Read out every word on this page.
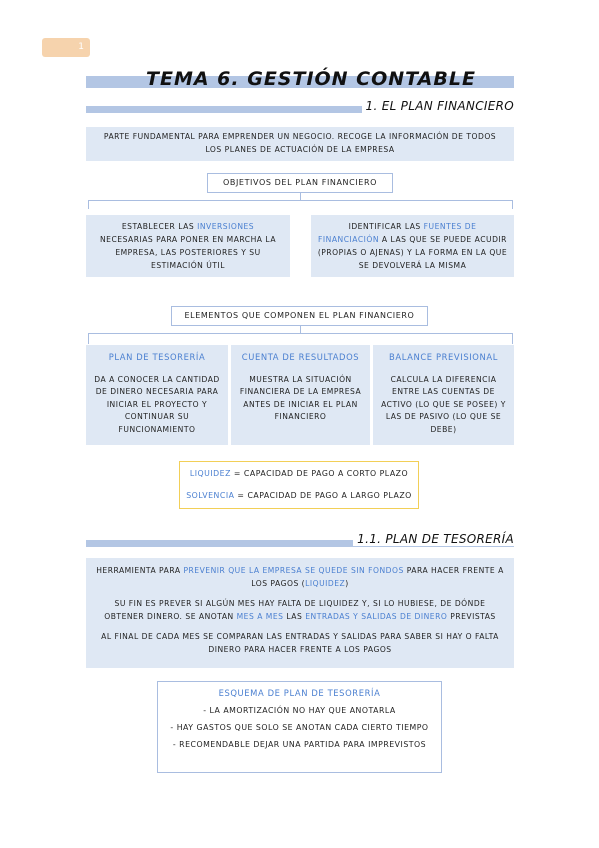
1
TEMA 6. GESTIÓN CONTABLE
1. EL PLAN FINANCIERO
PARTE FUNDAMENTAL PARA EMPRENDER UN NEGOCIO. RECOGE LA INFORMACIÓN DE TODOS LOS PLANES DE ACTUACIÓN DE LA EMPRESA
OBJETIVOS DEL PLAN FINANCIERO
ESTABLECER LAS INVERSIONES NECESARIAS PARA PONER EN MARCHA LA EMPRESA, LAS POSTERIORES Y SU ESTIMACIÓN ÚTIL
IDENTIFICAR LAS FUENTES DE FINANCIACIÓN A LAS QUE SE PUEDE ACUDIR (PROPIAS O AJENAS) Y LA FORMA EN LA QUE SE DEVOLVERÁ LA MISMA
ELEMENTOS QUE COMPONEN EL PLAN FINANCIERO
PLAN DE TESORERÍA
DA A CONOCER LA CANTIDAD DE DINERO NECESARIA PARA INICIAR EL PROYECTO Y CONTINUAR SU FUNCIONAMIENTO
CUENTA DE RESULTADOS
MUESTRA LA SITUACIÓN FINANCIERA DE LA EMPRESA ANTES DE INICIAR EL PLAN FINANCIERO
BALANCE PREVISIONAL
CALCULA LA DIFERENCIA ENTRE LAS CUENTAS DE ACTIVO (LO QUE SE POSEE) Y LAS DE PASIVO (LO QUE SE DEBE)
LIQUIDEZ = CAPACIDAD DE PAGO A CORTO PLAZO
SOLVENCIA = CAPACIDAD DE PAGO A LARGO PLAZO
1.1. PLAN DE TESORERÍA
HERRAMIENTA PARA PREVENIR QUE LA EMPRESA SE QUEDE SIN FONDOS PARA HACER FRENTE A LOS PAGOS (LIQUIDEZ)
SU FIN ES PREVER SI ALGÚN MES HAY FALTA DE LIQUIDEZ Y, SI LO HUBIESE, DE DÓNDE OBTENER DINERO. SE ANOTAN MES A MES LAS ENTRADAS Y SALIDAS DE DINERO PREVISTAS
AL FINAL DE CADA MES SE COMPARAN LAS ENTRADAS Y SALIDAS PARA SABER SI HAY O FALTA DINERO PARA HACER FRENTE A LOS PAGOS
ESQUEMA DE PLAN DE TESORERÍA
- LA AMORTIZACIÓN NO HAY QUE ANOTARLA
- HAY GASTOS QUE SOLO SE ANOTAN CADA CIERTO TIEMPO
- RECOMENDABLE DEJAR UNA PARTIDA PARA IMPREVISTOS
